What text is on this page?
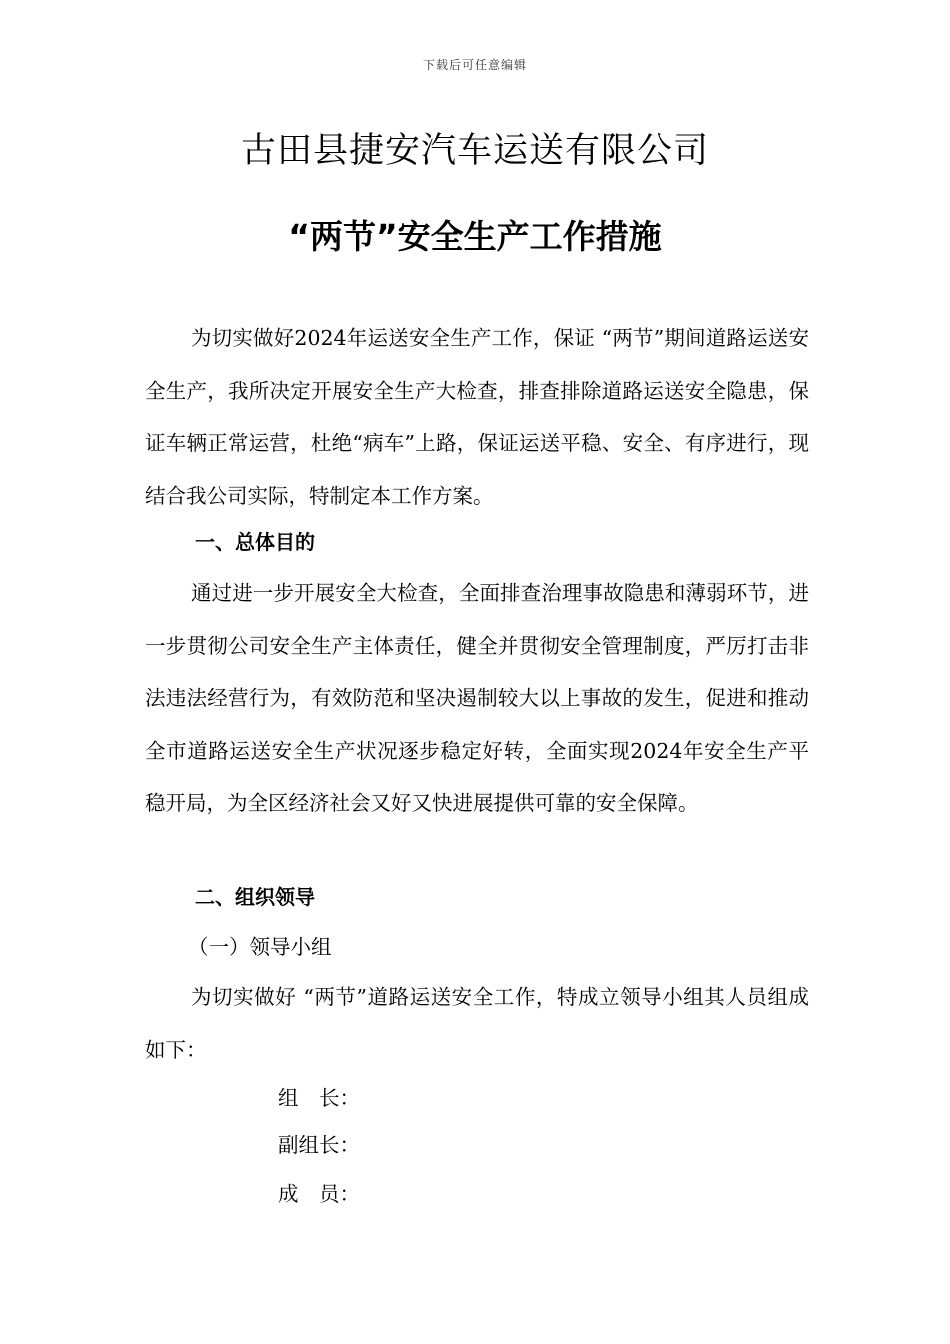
下载后可任意编辑
古田县捷安汽车运送有限公司
“两节”安全生产工作措施

为切实做好2024年运送安全生产工作，保证 “两节”期间道路运送安全生产，我所决定开展安全生产大检查，排查排除道路运送安全隐患，保证车辆正常运营，杜绝“病车”上路，保证运送平稳、安全、有序进行，现结合我公司实际，特制定本工作方案。

一、总体目的

通过进一步开展安全大检查，全面排查治理事故隐患和薄弱环节，进一步贯彻公司安全生产主体责任，健全并贯彻安全管理制度，严厉打击非法违法经营行为，有效防范和坚决遏制较大以上事故的发生，促进和推动全市道路运送安全生产状况逐步稳定好转，全面实现2024年安全生产平稳开局，为全区经济社会又好又快进展提供可靠的安全保障。

二、组织领导

（一）领导小组

为切实做好 “两节”道路运送安全工作，特成立领导小组其人员组成如下：

组　长：

副组长：

成　员：
